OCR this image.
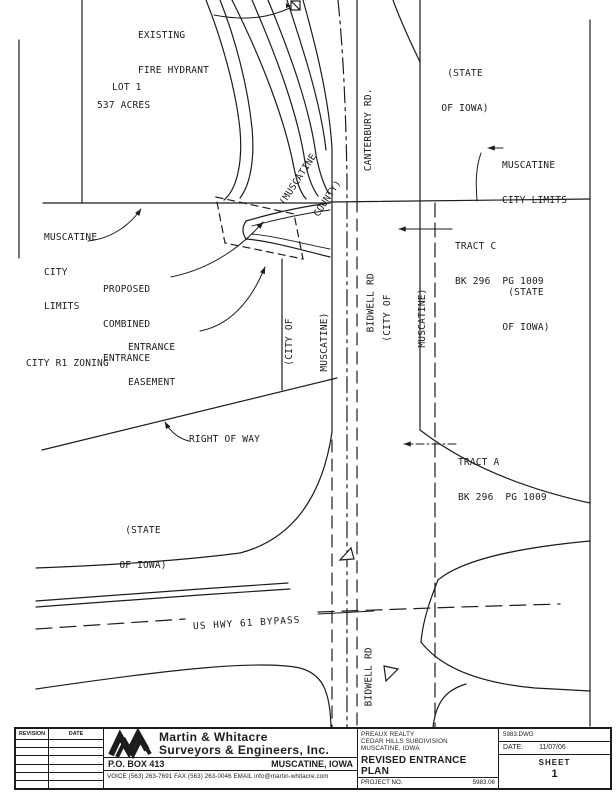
EXISTING

FIRE HYDRANT

LOT 1
537 ACRES

(STATE

OF IOWA)

CANTERBURY RD.

(MUSCATINE

COUNTY)

MUSCATINE

CITY LIMITS

MUSCATINE

CITY

LIMITS

TRACT C

BK 296  PG 1009

(STATE

OF IOWA)

PROPOSED

COMBINED

ENTRANCE

ENTRANCE

EASEMENT

(CITY OF

MUSCATINE)

BIDWELL RD

(CITY OF

MUSCATINE)

CITY R1 ZONING
RIGHT OF WAY

TRACT A

BK 296  PG 1009

(STATE

OF IOWA)

US HWY 61 BYPASS
BIDWELL RD
REVISION	DATE	Martin & Whitacre
Surveyors & Engineers, Inc.
P.O. BOX 413	MUSCATINE, IOWA
VOICE (563) 263-7691 FAX (563) 263-0046 EMAIL info@martin-whitacre.com
PREAUX REALTY
CEDAR HILLS SUBDIVISION
MUSCATINE, IOWA
REVISED ENTRANCE PLAN
PROJECT NO.	5983.06
5983.DWG
DATE: 11/07/06
SHEET
1
